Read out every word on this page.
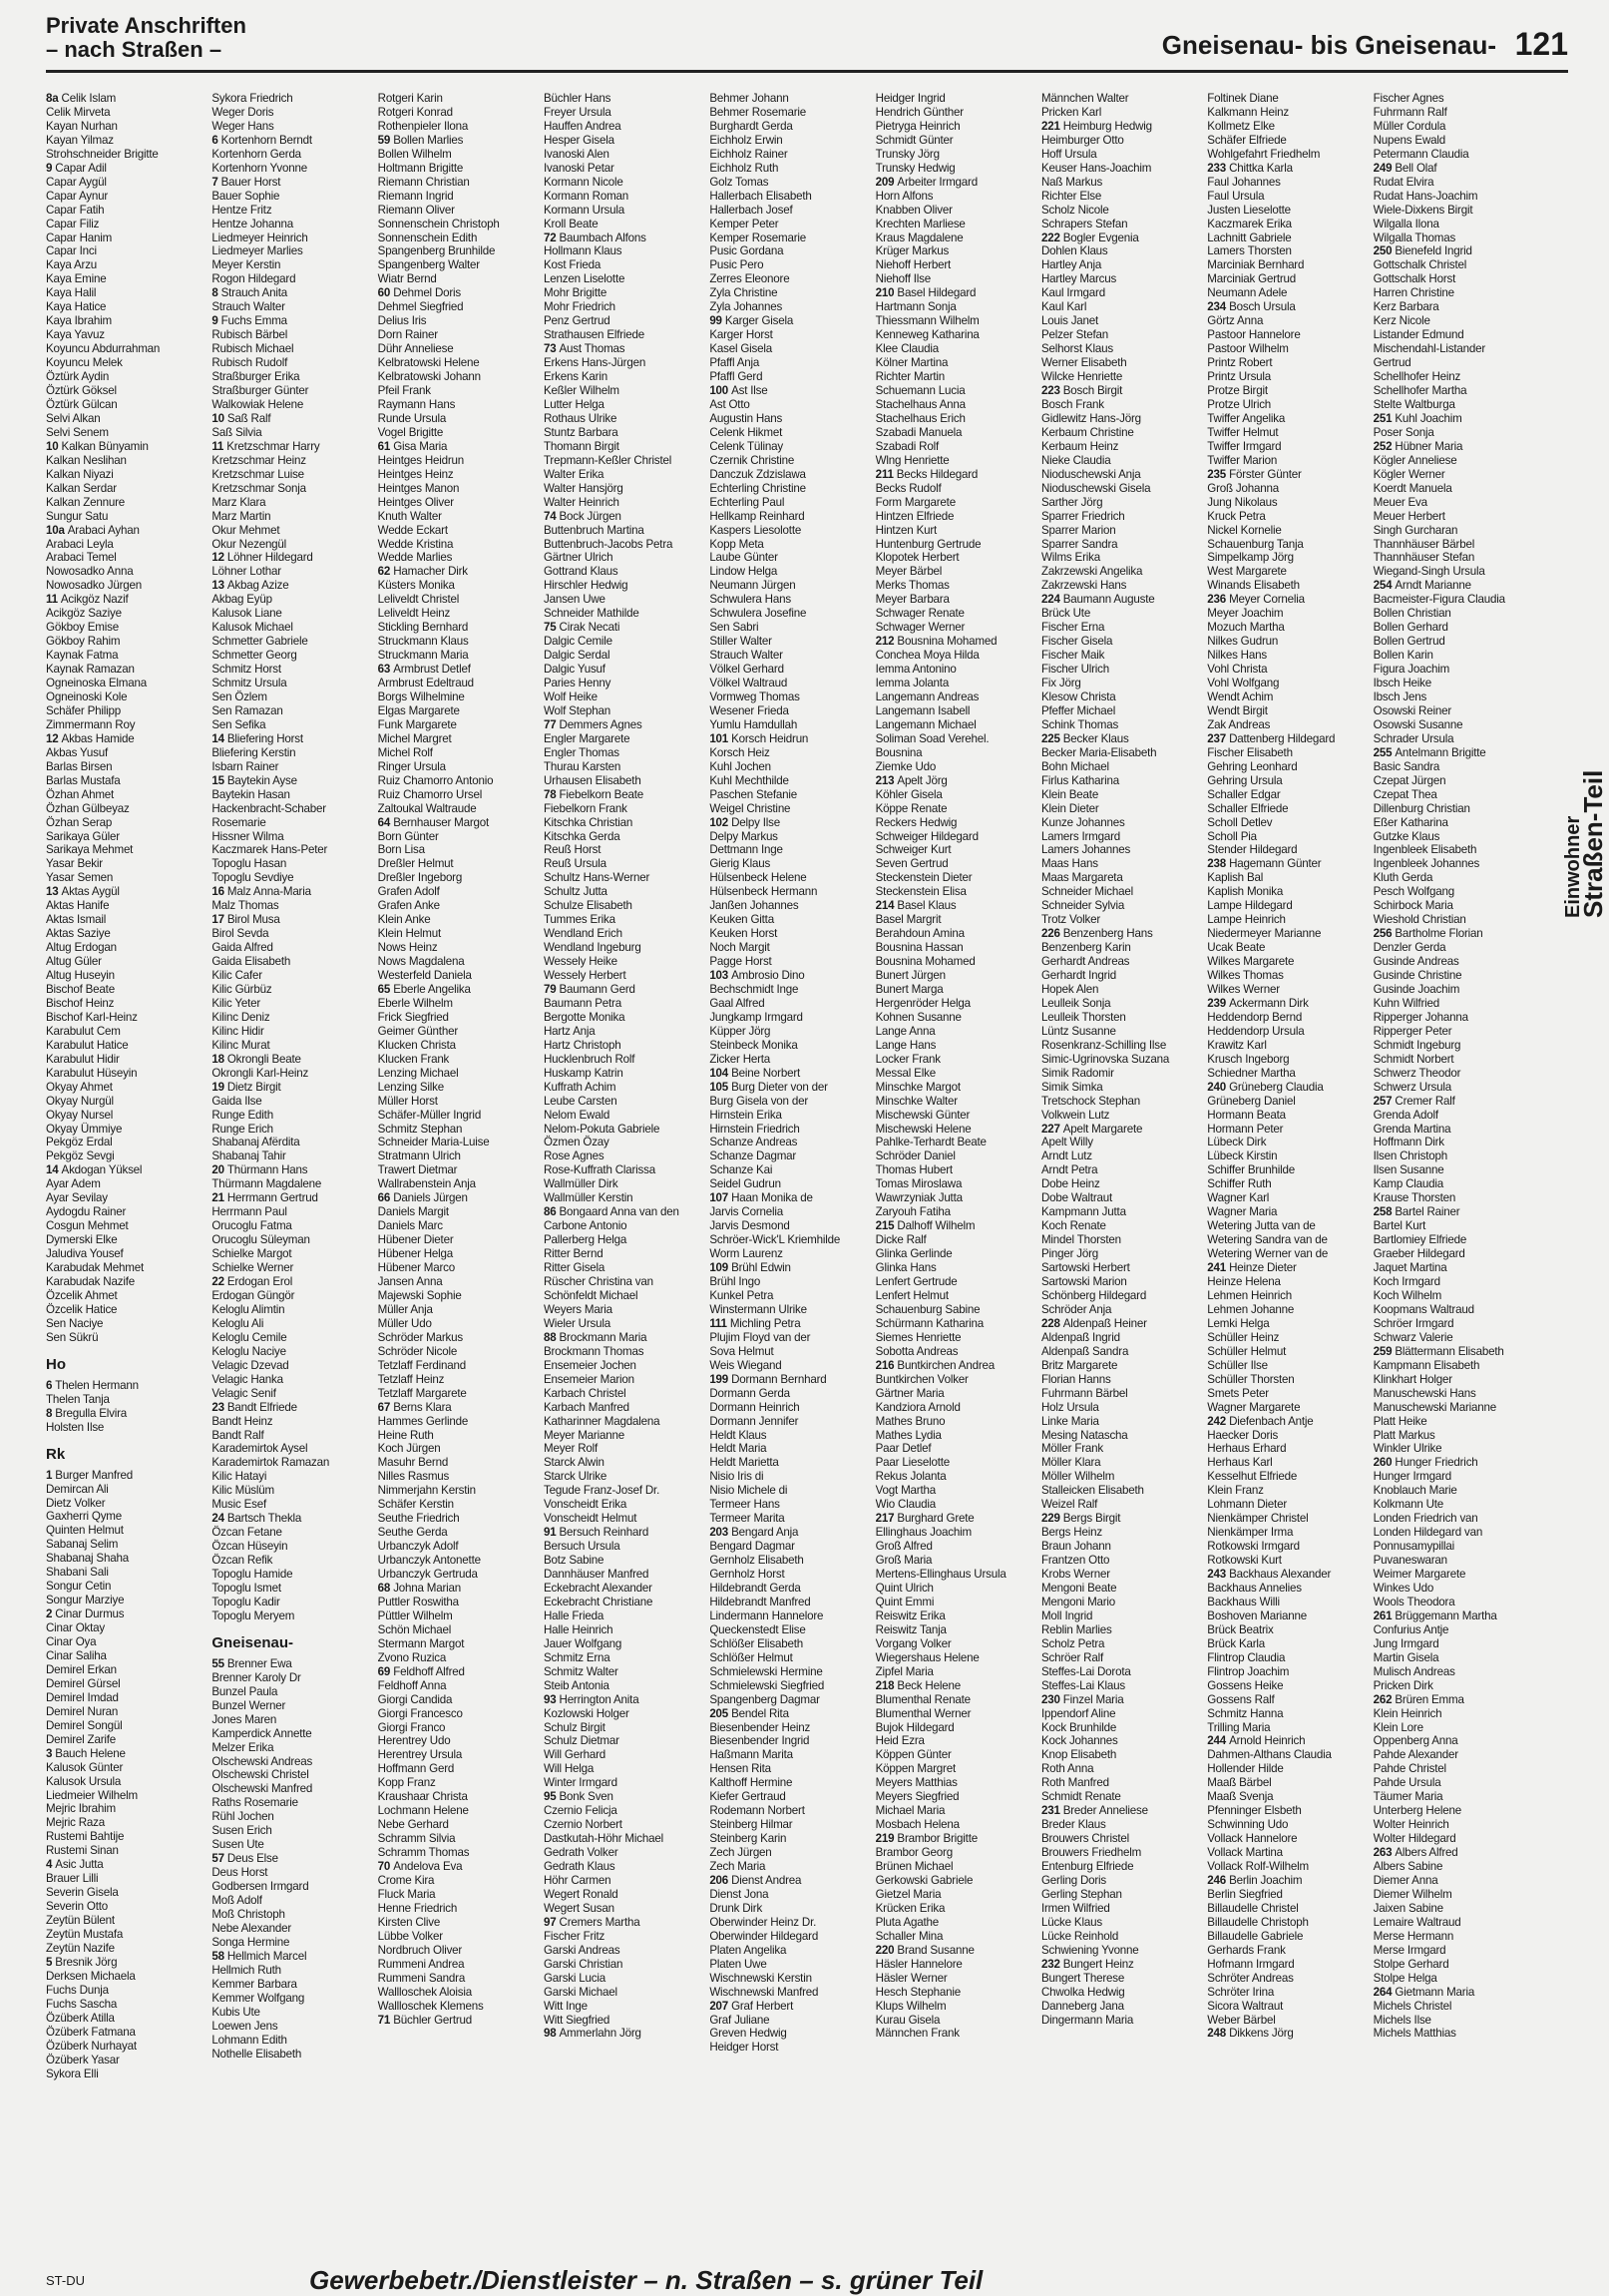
Private Anschriften
– nach Straßen –	Gneisenau- bis Gneisenau- 121
8a Celik Islam
Celik Mirveta
Kayan Nurhan
Kayan Yilmaz
Strohschneider Brigitte
9 Capar Adil
Capar Aygül
Capar Aynur
Capar Fatih
Capar Filiz
Capar Hanim
Capar Inci
Kaya Arzu
Kaya Emine
Kaya Halil
Kaya Hatice
Kaya Ibrahim
Kaya Yavuz
Koyuncu Abdurrahman
Koyuncu Melek
Öztürk Aydin
Öztürk Göksel
Öztürk Gülcan
Selvi Alkan
Selvi Senem
10 Kalkan Bünyamin
Kalkan Neslihan
Kalkan Niyazi
Kalkan Serdar
Kalkan Zennure
Sungur Satu
10a Arabaci Ayhan
Arabaci Leyla
Arabaci Temel
Nowosadko Anna
Nowosadko Jürgen
11 Acikgöz Nazif
Acikgöz Saziye
Gökboy Emise
Gökboy Rahim
Kaynak Fatma
Kaynak Ramazan
Ogneinoska Elmana
Ogneinoski Kole
Schäfer Philipp
Zimmermann Roy
12 Akbas Hamide
Akbas Yusuf
Barlas Birsen
Barlas Mustafa
Özhan Ahmet
Özhan Gülbeyaz
Özhan Serap
Sarikaya Güler
Sarikaya Mehmet
Yasar Bekir
Yasar Semen
13 Aktas Aygül
Aktas Hanife
Aktas Ismail
Aktas Saziye
Altug Erdogan
Altug Güler
Altug Huseyin
Bischof Beate
Bischof Heinz
Bischof Karl-Heinz
Karabulut Cem
Karabulut Hatice
Karabulut Hidir
Karabulut Hüseyin
Okyay Ahmet
Okyay Nurgül
Okyay Nursel
Okyay Ümmiye
Pekgöz Erdal
Pekgöz Sevgi
14 Akdogan Yüksel
Ayar Adem
Ayar Sevilay
Aydogdu Rainer
Cosgun Mehmet
Dymerski Elke
Jaludiva Yousef
Karabudak Mehmet
Karabudak Nazife
Özcelik Ahmet
Özcelik Hatice
Sen Naciye
Sen Sükrü
Ho
6 Thelen Hermann
Thelen Tanja
8 Bregulla Elvira
Holsten Ilse
Rk
1 Burger Manfred
Demircan Ali
Dietz Volker
Gaxherri Qyme
Quinten Helmut
Sabanaj Selim
Shabanaj Shaha
Shabani Sali
Songur Cetin
Songur Marziye
2 Cinar Durmus
Cinar Oktay
Cinar Oya
Cinar Saliha
Demirel Erkan
Demirel Gürsel
Demirel Imdad
Demirel Nuran
Demirel Songül
Demirel Zarife
3 Bauch Helene
Kalusok Günter
Kalusok Ursula
Liedmeier Wilhelm
Mejric Ibrahim
Mejric Raza
Rustemi Bahtije
Rustemi Sinan
4 Asic Jutta
Brauer Lilli
Severin Gisela
Severin Otto
Zeytün Bülent
Zeytün Mustafa
Zeytün Nazife
5 Bresnik Jörg
Derksen Michaela
Fuchs Dunja
Fuchs Sascha
Özüberk Atilla
Özüberk Fatmana
Özüberk Nurhayat
Özüberk Yasar
Sykora Elli
Sykora Friedrich
Weger Doris
Weger Hans
6 Kortenhorn Berndt
Kortenhorn Gerda
Kortenhorn Yvonne
7 Bauer Horst
Bauer Sophie
Hentze Fritz
Hentze Johanna
Liedmeyer Heinrich
Liedmeyer Marlies
Meyer Kerstin
Rogon Hildegard
8 Strauch Anita
Strauch Walter
9 Fuchs Emma
Rubisch Bärbel
Rubisch Michael
Rubisch Rudolf
Straßburger Erika
Straßburger Günter
Walkowiak Helene
10 Saß Ralf
Saß Silvia
11 Kretzschmar Harry
Kretzschmar Heinz
Kretzschmar Luise
Kretzschmar Sonja
Marz Klara
Marz Martin
Okur Mehmet
Okur Nezengül
12 Löhner Hildegard
Löhner Lothar
13 Akbag Azize
Akbag Eyüp
Kalusok Liane
Kalusok Michael
Schmetter Gabriele
Schmetter Georg
Schmitz Horst
Schmitz Ursula
Sen Özlem
Sen Ramazan
Sen Sefika
14 Bliefering Horst
Bliefering Kerstin
Isbarn Rainer
15 Baytekin Ayse
Baytekin Hasan
Hackenbracht-Schaber
Rosemarie
Hissner Wilma
Kaczmarek Hans-Peter
Topoglu Hasan
Topoglu Sevdiye
16 Malz Anna-Maria
Malz Thomas
17 Birol Musa
Birol Sevda
Gaida Alfred
Gaida Elisabeth
Kilic Cafer
Kilic Gürbüz
Kilic Yeter
Kilinc Deniz
Kilinc Hidir
Kilinc Murat
18 Okrongli Beate
Okrongli Karl-Heinz
19 Dietz Birgit
Gaida Ilse
Runge Edith
Runge Erich
Shabanaj Afërdita
Shabanaj Tahir
20 Thürmann Hans
Thürmann Magdalene
21 Herrmann Gertrud
Herrmann Paul
Orucoglu Fatma
Orucoglu Süleyman
Schielke Margot
Schielke Werner
22 Erdogan Erol
Erdogan Güngör
Keloglu Alimtin
Keloglu Ali
Keloglu Cemile
Keloglu Naciye
Velagic Dzevad
Velagic Hanka
Velagic Senif
23 Bandt Elfriede
Bandt Heinz
Bandt Ralf
Karademirtok Aysel
Karademirtok Ramazan
Kilic Hatayi
Kilic Müslüm
Music Esef
24 Bartsch Thekla
Özcan Fetane
Özcan Hüseyin
Özcan Refik
Topoglu Hamide
Topoglu Ismet
Topoglu Kadir
Topoglu Meryem
Gneisenau-
55 Brenner Ewa
Brenner Karoly Dr
Bunzel Paula
Bunzel Werner
Jones Maren
Kamperdick Annette
Melzer Erika
Olschewski Andreas
Olschewski Christel
Olschewski Manfred
Raths Rosemarie
Rühl Jochen
Susen Erich
Susen Ute
57 Deus Else
Deus Horst
Godbersen Irmgard
Moß Adolf
Moß Christoph
Nebe Alexander
Songa Hermine
58 Hellmich Marcel
Hellmich Ruth
Kemmer Barbara
Kemmer Wolfgang
Kubis Ute
Loewen Jens
Lohmann Edith
Nothelle Elisabeth
Rotgeri Karin
Rotgeri Konrad
Rothenpieler Ilona
59 Bollen Marlies
Bollen Wilhelm
Holtmann Brigitte
Riemann Christian
Riemann Ingrid
Riemann Oliver
Sonnenschein Christoph
Sonnenschein Edith
Spangenberg Brunhilde
Spangenberg Walter
Wiatr Bernd
60 Dehmel Doris
Dehmel Siegfried
Delius Iris
Dorn Rainer
Dühr Anneliese
Kelbratowski Helene
Kelbratowski Johann
Pfeil Frank
Raymann Hans
Runde Ursula
Vogel Brigitte
61 Gisa Maria
Heintges Heidrun
Heintges Heinz
Heintges Manon
Heintges Oliver
Knuth Walter
Wedde Eckart
Wedde Kristina
Wedde Marlies
62 Hamacher Dirk
Küsters Monika
Leliveldt Christel
Leliveldt Heinz
Stickling Bernhard
Struckmann Klaus
Struckmann Maria
63 Armbrust Detlef
Armbrust Edeltraud
Borgs Wilhelmine
Elgas Margarete
Funk Margarete
Michel Margret
Michel Rolf
Ringer Ursula
Ruiz Chamorro Antonio
Ruiz Chamorro Ursel
Zaltoukal Waltraude
64 Bernhauser Margot
Born Günter
Born Lisa
Dreßler Helmut
Dreßler Ingeborg
Grafen Adolf
Grafen Anke
Klein Anke
Klein Helmut
Nows Heinz
Nows Magdalena
Westerfeld Daniela
65 Eberle Angelika
Eberle Wilhelm
Frick Siegfried
Geimer Günther
Klucken Christa
Klucken Frank
Lenzing Michael
Lenzing Silke
Müller Horst
Schäfer-Müller Ingrid
Schmitz Stephan
Schneider Maria-Luise
Stratmann Ulrich
Trawert Dietmar
Wallrabenstein Anja
66 Daniels Jürgen
Daniels Margit
Daniels Marc
Hübener Dieter
Hübener Helga
Hübener Marco
Jansen Anna
Majewski Sophie
Müller Anja
Müller Udo
Schröder Markus
Schröder Nicole
Tetzlaff Ferdinand
Tetzlaff Heinz
Tetzlaff Margarete
67 Berns Klara
Hammes Gerlinde
Heine Ruth
Koch Jürgen
Masuhr Bernd
Nilles Rasmus
Nimmerjahn Kerstin
Schäfer Kerstin
Seuthe Friedrich
Seuthe Gerda
Urbanczyk Adolf
Urbanczyk Antonette
Urbanczyk Gertruda
68 Johna Marian
Puttler Roswitha
Püttler Wilhelm
Schön Michael
Stermann Margot
Zvono Ruzica
69 Feldhoff Alfred
Feldhoff Anna
Giorgi Candida
Giorgi Francesco
Giorgi Franco
Herentrey Udo
Herentrey Ursula
Hoffmann Gerd
Kopp Franz
Kraushaar Christa
Lochmann Helene
Nebe Gerhard
Schramm Silvia
Schramm Thomas
70 Andelova Eva
Crome Kira
Fluck Maria
Henne Friedrich
Kirsten Clive
Lübbe Volker
Nordbruch Oliver
Rummeni Andrea
Rummeni Sandra
Wallloschek Aloisia
Wallloschek Klemens
71 Büchler Gertrud
Büchler Hans
Freyer Ursula
Hauffen Andrea
Hesper Gisela
Ivanoski Alen
Ivanoski Petar
Kormann Nicole
Kormann Roman
Kormann Ursula
Kroll Beate
72 Baumbach Alfons
Hollmann Klaus
Kost Frieda
Lenzen Liselotte
Mohr Brigitte
Mohr Friedrich
Penz Gertrud
Strathausen Elfriede
73 Aust Thomas
Erkens Hans-Jürgen
Erkens Karin
Keßler Wilhelm
Lutter Helga
Rothaus Ulrike
Stuntz Barbara
Thomann Birgit
Trepmann-Keßler Christel
Walter Erika
Walter Hansjörg
Walter Heinrich
74 Bock Jürgen
Buttenbruch Martina
Buttenbruch-Jacobs Petra
Gärtner Ulrich
Gottrand Klaus
Hirschler Hedwig
Jansen Uwe
Schneider Mathilde
75 Cirak Necati
Dalgic Cemile
Dalgic Serdal
Dalgic Yusuf
Paries Henny
Wolf Heike
Wolf Stephan
77 Demmers Agnes
Engler Margarete
Engler Thomas
Thurau Karsten
Urhausen Elisabeth
78 Fiebelkorn Beate
Fiebelkorn Frank
Kitschka Christian
Kitschka Gerda
Reuß Horst
Reuß Ursula
Schultz Hans-Werner
Schultz Jutta
Schulze Elisabeth
Tummes Erika
Wendland Erich
Wendland Ingeburg
Wessely Heike
Wessely Herbert
79 Baumann Gerd
Baumann Petra
Bergotte Monika
Hartz Anja
Hartz Christoph
Hucklenbruch Rolf
Huskamp Katrin
Kuffrath Achim
Leube Carsten
Nelom Ewald
Nelom-Pokuta Gabriele
Özmen Özay
Rose Agnes
Rose-Kuffrath Clarissa
Wallmüller Dirk
Wallmüller Kerstin
86 Bongaard Anna van den
Carbone Antonio
Pallerberg Helga
Ritter Bernd
Ritter Gisela
Rüscher Christina van
Schönfeldt Michael
Weyers Maria
Wieler Ursula
88 Brockmann Maria
Brockmann Thomas
Ensemeier Jochen
Ensemeier Marion
Karbach Christel
Karbach Manfred
Katharinner Magdalena
Meyer Marianne
Meyer Rolf
Starck Alwin
Starck Ulrike
Tegude Franz-Josef Dr.
Vonscheidt Erika
Vonscheidt Helmut
91 Bersuch Reinhard
Bersuch Ursula
Botz Sabine
Dannhäuser Manfred
Eckebracht Alexander
Eckebracht Christiane
Halle Frieda
Halle Heinrich
Jauer Wolfgang
Schmitz Erna
Schmitz Walter
Steib Antonia
93 Herrington Anita
Kozlowski Holger
Schulz Birgit
Schulz Dietmar
Will Gerhard
Will Helga
Winter Irmgard
95 Bonk Sven
Czernio Felicja
Czernio Norbert
Dastkutah-Höhr Michael
Gedrath Volker
Gedrath Klaus
Höhr Carmen
Wegert Ronald
Wegert Susan
97 Cremers Martha
Fischer Fritz
Garski Andreas
Garski Christian
Garski Lucia
Garski Michael
Witt Inge
Witt Siegfried
98 Ammerlahn Jörg
Behmer Johann
Behmer Rosemarie
Burghardt Gerda
Eichholz Erwin
Eichholz Rainer
Eichholz Ruth
Golz Tomas
Hallerbach Elisabeth
Hallerbach Josef
Kemper Peter
Kemper Rosemarie
Pusic Gordana
Pusic Pero
Zerres Eleonore
Zyla Christine
Zyla Johannes
99 Karger Gisela
Karger Horst
Kasel Gisela
Pfaffl Anja
Pfaffl Gerd
100 Ast Ilse
Ast Otto
Augustin Hans
Celenk Hikmet
Celenk Tülinay
Czernik Christine
Danczuk Zdzislawa
Echterling Christine
Echterling Paul
Hellkamp Reinhard
Kaspers Liesolotte
Kopp Meta
Laube Günter
Lindow Helga
Neumann Jürgen
Schwulera Hans
Schwulera Josefine
Sen Sabri
Stiller Walter
Strauch Walter
Völkel Gerhard
Völkel Waltraud
Vormweg Thomas
Wesener Frieda
Yumlu Hamdullah
101 Korsch Heidrun
Korsch Heiz
Kuhl Jochen
Kuhl Mechthilde
Paschen Stefanie
Weigel Christine
102 Delpy Ilse
Delpy Markus
Dettmann Inge
Gierig Klaus
Hülsenbeck Helene
Hülsenbeck Hermann
Janßen Johannes
Keuken Gitta
Keuken Horst
Noch Margit
Pagge Horst
103 Ambrosio Dino
Bechschmidt Inge
Gaal Alfred
Jungkamp Irmgard
Küpper Jörg
Steinbeck Monika
Zicker Herta
104 Beine Norbert
105 Burg Dieter von der
Burg Gisela von der
Hirnstein Erika
Hirnstein Friedrich
Schanze Andreas
Schanze Dagmar
Schanze Kai
Seidel Gudrun
107 Haan Monika de
Jarvis Cornelia
Jarvis Desmond
Schröer-Wick'L Kriemhilde
Worm Laurenz
109 Brühl Edwin
Brühl Ingo
Kunkel Petra
Winstermann Ulrike
111 Michling Petra
Plujim Floyd van der
Sova Helmut
Weis Wiegand
199 Dormann Bernhard
Dormann Gerda
Dormann Heinrich
Dormann Jennifer
Heldt Klaus
Heldt Maria
Heldt Marietta
Nisio Iris di
Nisio Michele di
Termeer Hans
Termeer Marita
203 Bengard Anja
Bengard Dagmar
Gernholz Elisabeth
Gernholz Horst
Hildebrandt Gerda
Hildebrandt Manfred
Lindermann Hannelore
Queckenstedt Elise
Schlößer Elisabeth
Schlößer Helmut
Schmielewski Hermine
Schmielewski Siegfried
Spangenberg Dagmar
205 Bendel Rita
Biesenbender Heinz
Biesenbender Ingrid
Haßmann Marita
Hensen Rita
Kalthoff Hermine
Kiefer Gertraud
Rodemann Norbert
Steinberg Hilmar
Steinberg Karin
Zech Jürgen
Zech Maria
206 Dienst Andrea
Dienst Jona
Drunk Dirk
Oberwinder Heinz Dr.
Oberwinder Hildegard
Platen Angelika
Platen Uwe
Wischnewski Kerstin
Wischnewski Manfred
207 Graf Herbert
Graf Juliane
Greven Hedwig
Heidger Horst
Heidger Ingrid
Hendrich Günther
Pietryga Heinrich
Schmidt Günter
Trunsky Jörg
Trunsky Hedwig
209 Arbeiter Irmgard
Horn Alfons
Knabben Oliver
Krechten Marliese
Kraus Magdalene
Krüger Markus
Niehoff Herbert
Niehoff Ilse
210 Basel Hildegard
Hartmann Sonja
Thiessmann Wilhelm
Kenneweg Katharina
Klee Claudia
Kölner Martina
Richter Martin
Schuemann Lucia
Stachelhaus Anna
Stachelhaus Erich
Szabadi Manuela
Szabadi Rolf
Wlng Henriette
211 Becks Hildegard
Becks Rudolf
Form Margarete
Hintzen Elfriede
Hintzen Kurt
Huntenburg Gertrude
Klopotek Herbert
Meyer Bärbel
Merks Thomas
Meyer Barbara
Schwager Renate
Schwager Werner
212 Bousnina Mohamed
Conchea Moya Hilda
Iemma Antonino
Iemma Jolanta
Langemann Andreas
Langemann Isabell
Langemann Michael
Soliman Soad Verehel.
Bousnina
Ziemke Udo
213 Apelt Jörg
Köhler Gisela
Köppe Renate
Reckers Hedwig
Schweiger Hildegard
Schweiger Kurt
Seven Gertrud
Steckenstein Dieter
Steckenstein Elisa
214 Basel Klaus
Basel Margrit
Berahdoun Amina
Bousnina Hassan
Bousnina Mohamed
Bunert Jürgen
Bunert Marga
Hergenröder Helga
Kohnen Susanne
Lange Anna
Lange Hans
Locker Frank
Messal Elke
Minschke Margot
Minschke Walter
Mischewski Günter
Mischewski Helene
Pahlke-Terhardt Beate
Schröder Daniel
Thomas Hubert
Tomas Miroslawa
Wawrzyniak Jutta
Zaryouh Fatiha
215 Dalhoff Wilhelm
Dicke Ralf
Glinka Gerlinde
Glinka Hans
Lenfert Gertrude
Lenfert Helmut
Schauenburg Sabine
Schürmann Katharina
Siemes Henriette
Sobotta Andreas
216 Buntkirchen Andrea
Buntkirchen Volker
Gärtner Maria
Kandziora Arnold
Mathes Bruno
Mathes Lydia
Paar Detlef
Paar Lieselotte
Rekus Jolanta
Vogt Martha
Wio Claudia
217 Burghard Grete
Ellinghaus Joachim
Groß Alfred
Groß Maria
Mertens-Ellinghaus Ursula
Quint Ulrich
Quint Emmi
Reiswitz Erika
Reiswitz Tanja
Vorgang Volker
Wiegershaus Helene
Zipfel Maria
218 Beck Helene
Blumenthal Renate
Blumenthal Werner
Bujok Hildegard
Heid Ezra
Köppen Günter
Köppen Margret
Meyers Matthias
Meyers Siegfried
Michael Maria
Mosbach Helena
219 Brambor Brigitte
Brambor Georg
Brünen Michael
Gerkowski Gabriele
Gietzel Maria
Krücken Erika
Pluta Agathe
Schaller Mina
220 Brand Susanne
Häsler Hannelore
Häsler Werner
Hesch Stephanie
Klups Wilhelm
Kurau Gisela
Männchen Frank
Männchen Walter
Pricken Karl
221 Heimburg Hedwig
Heimburger Otto
Hoff Ursula
Keuser Hans-Joachim
Naß Markus
Richter Else
Scholz Nicole
Schrapers Stefan
222 Bogler Evgenia
Dohlen Klaus
Hartley Anja
Hartley Marcus
Kaul Irmgard
Kaul Karl
Louis Janet
Pelzer Stefan
Selhorst Klaus
Werner Elisabeth
Wilcke Henriette
223 Bosch Birgit
Bosch Frank
Gidlewitz Hans-Jörg
Kerbaum Christine
Kerbaum Heinz
Nieke Claudia
Nioduschewski Anja
Nioduschewski Gisela
Sarther Jörg
Sparrer Friedrich
Sparrer Marion
Sparrer Sandra
Wilms Erika
Zakrzewski Angelika
Zakrzewski Hans
224 Baumann Auguste
Brück Ute
Fischer Erna
Fischer Gisela
Fischer Maik
Fischer Ulrich
Fix Jörg
Klesow Christa
Pfeffer Michael
Schink Thomas
225 Becker Klaus
Becker Maria-Elisabeth
Bohn Michael
Firlus Katharina
Klein Beate
Klein Dieter
Kunze Johannes
Lamers Irmgard
Lamers Johannes
Maas Hans
Maas Margareta
Schneider Michael
Schneider Sylvia
Trotz Volker
226 Benzenberg Hans
Benzenberg Karin
Gerhardt Andreas
Gerhardt Ingrid
Hopek Alen
Leulleik Sonja
Leulleik Thorsten
Lüntz Susanne
Rosenkranz-Schilling Ilse
Simic-Ugrinovska Suzana
Simik Radomir
Simik Simka
Tretschock Stephan
Volkwein Lutz
227 Apelt Margarete
Apelt Willy
Arndt Lutz
Arndt Petra
Dobe Heinz
Dobe Waltraut
Kampmann Jutta
Koch Renate
Mindel Thorsten
Pinger Jörg
Sartowski Herbert
Sartowski Marion
Schönberg Hildegard
Schröder Anja
228 Aldenpaß Heiner
Aldenpaß Ingrid
Aldenpaß Sandra
Britz Margarete
Florian Hanns
Fuhrmann Bärbel
Holz Ursula
Linke Maria
Mesing Natascha
Möller Frank
Möller Klara
Möller Wilhelm
Stalleicken Elisabeth
Weizel Ralf
229 Bergs Birgit
Bergs Heinz
Braun Johann
Frantzen Otto
Krobs Werner
Mengoni Beate
Mengoni Mario
Moll Ingrid
Reblin Marlies
Scholz Petra
Schröer Ralf
Steffes-Lai Dorota
Steffes-Lai Klaus
230 Finzel Maria
Ippendorf Aline
Kock Brunhilde
Kock Johannes
Knop Elisabeth
Roth Anna
Roth Manfred
Schmidt Renate
231 Breder Anneliese
Breder Klaus
Brouwers Christel
Brouwers Friedhelm
Entenburg Elfriede
Gerling Doris
Gerling Stephan
Irmen Wilfried
Lücke Klaus
Lücke Reinhold
Schwiening Yvonne
232 Bungert Heinz
Bungert Therese
Chwolka Hedwig
Danneberg Jana
Dingermann Maria
Foltinek Diane
Kalkmann Heinz
Kollmetz Elke
Schäfer Elfriede
Wohlgefahrt Friedhelm
233 Chittka Karla
Faul Johannes
Faul Ursula
Justen Lieselotte
Kaczmarek Erika
Lachnitt Gabriele
Lamers Thorsten
Marciniak Bernhard
Marciniak Gertrud
Neumann Adele
234 Bosch Ursula
Görtz Anna
Pastoor Hannelore
Pastoor Wilhelm
Printz Robert
Printz Ursula
Protze Birgit
Protze Ulrich
Twiffer Angelika
Twiffer Helmut
Twiffer Irmgard
Twiffer Marion
235 Förster Günter
Groß Johanna
Jung Nikolaus
Kruck Petra
Nickel Kornelie
Schauenburg Tanja
Simpelkamp Jörg
West Margarete
Winands Elisabeth
236 Meyer Cornelia
Meyer Joachim
Mozuch Martha
Nilkes Gudrun
Nilkes Hans
Vohl Christa
Vohl Wolfgang
Wendt Achim
Wendt Birgit
Zak Andreas
237 Dattenberg Hildegard
Fischer Elisabeth
Gehring Leonhard
Gehring Ursula
Schaller Edgar
Schaller Elfriede
Scholl Detlev
Scholl Pia
Stender Hildegard
238 Hagemann Günter
Kaplish Bal
Kaplish Monika
Lampe Hildegard
Lampe Heinrich
Niedermeyer Marianne
Ucak Beate
Wilkes Margarete
Wilkes Thomas
Wilkes Werner
239 Ackermann Dirk
Heddendorp Bernd
Heddendorp Ursula
Krawitz Karl
Krusch Ingeborg
Schiedner Martha
240 Grüneberg Claudia
Grüneberg Daniel
Hormann Beata
Hormann Peter
Lübeck Dirk
Lübeck Kirstin
Schiffer Brunhilde
Schiffer Ruth
Wagner Karl
Wagner Maria
Wetering Jutta van de
Wetering Sandra van de
Wetering Werner van de
241 Heinze Dieter
Heinze Helena
Lehmen Heinrich
Lehmen Johanne
Lemki Helga
Schüller Heinz
Schüller Helmut
Schüller Ilse
Schüller Thorsten
Smets Peter
Wagner Margarete
242 Diefenbach Antje
Haecker Doris
Herhaus Erhard
Herhaus Karl
Kesselhut Elfriede
Klein Franz
Lohmann Dieter
Nienkämper Christel
Nienkämper Irma
Rotkowski Irmgard
Rotkowski Kurt
243 Backhaus Alexander
Backhaus Annelies
Backhaus Willi
Boshoven Marianne
Brück Beatrix
Brück Karla
Flintrop Claudia
Flintrop Joachim
Gossens Heike
Gossens Ralf
Schmitz Hanna
Trilling Maria
244 Arnold Heinrich
Dahmen-Althans Claudia
Hollender Hilde
Maaß Bärbel
Maaß Svenja
Pfenninger Elsbeth
Schwinning Udo
Vollack Hannelore
Vollack Martina
Vollack Rolf-Wilhelm
246 Berlin Joachim
Berlin Siegfried
Billaudelle Christel
Billaudelle Christoph
Billaudelle Gabriele
Gerhards Frank
Hofmann Irmgard
Schröter Andreas
Schröter Irina
Sicora Waltraut
Weber Bärbel
248 Dikkens Jörg
Fischer Agnes
Fuhrmann Ralf
Müller Cordula
Nupens Ewald
Petermann Claudia
249 Bell Olaf
Rudat Elvira
Rudat Hans-Joachim
Wiele-Dixkens Birgit
Wilgalla Ilona
Wilgalla Thomas
250 Bienefeld Ingrid
Gottschalk Christel
Gottschalk Horst
Harren Christine
Kerz Barbara
Kerz Nicole
Listander Edmund
Mischendahl-Listander
Gertrud
Schellhofer Heinz
Schellhofer Martha
Stelte Waltburga
251 Kuhl Joachim
Poser Sonja
252 Hübner Maria
Kögler Anneliese
Kögler Werner
Koerdt Manuela
Meuer Eva
Meuer Herbert
Singh Gurcharan
Thannhäuser Bärbel
Thannhäuser Stefan
Wiegand-Singh Ursula
254 Arndt Marianne
Bacmeister-Figura Claudia
Bollen Christian
Bollen Gerhard
Bollen Gertrud
Bollen Karin
Figura Joachim
Ibsch Heike
Ibsch Jens
Osowski Reiner
Osowski Susanne
Schrader Ursula
255 Antelmann Brigitte
Basic Sandra
Czepat Jürgen
Czepat Thea
Dillenburg Christian
Eßer Katharina
Gutzke Klaus
Ingenbleek Elisabeth
Ingenbleek Johannes
Kluth Gerda
Pesch Wolfgang
Schirbock Maria
Wieshold Christian
256 Bartholme Florian
Denzler Gerda
Gusinde Andreas
Gusinde Christine
Gusinde Joachim
Kuhn Wilfried
Ripperger Johanna
Ripperger Peter
Schmidt Ingeburg
Schmidt Norbert
Schwerz Theodor
Schwerz Ursula
257 Cremer Ralf
Grenda Adolf
Grenda Martina
Hoffmann Dirk
Ilsen Christoph
Ilsen Susanne
Kamp Claudia
Krause Thorsten
258 Bartel Rainer
Bartel Kurt
Bartlomiey Elfriede
Graeber Hildegard
Jaquet Martina
Koch Irmgard
Koch Wilhelm
Koopmans Waltraud
Schröer Irmgard
Schwarz Valerie
259 Blättermann Elisabeth
Kampmann Elisabeth
Klinkhart Holger
Manuschewski Hans
Manuschewski Marianne
Platt Heike
Platt Markus
Winkler Ulrike
260 Hunger Friedrich
Hunger Irmgard
Knoblauch Marie
Kolkmann Ute
Londen Friedrich van
Londen Hildegard van
Ponnusamypillai
Puvaneswaran
Weimer Margarete
Winkes Udo
Wools Theodora
261 Brüggemann Martha
Confurius Antje
Jung Irmgard
Martin Gisela
Mulisch Andreas
Pricken Dirk
262 Brüren Emma
Klein Heinrich
Klein Lore
Oppenberg Anna
Pahde Alexander
Pahde Christel
Pahde Ursula
Täumer Maria
Unterberg Helene
Wolter Heinrich
Wolter Hildegard
263 Albers Alfred
Albers Sabine
Diemer Anna
Diemer Wilhelm
Jaixen Sabine
Lemaire Waltraud
Merse Hermann
Merse Irmgard
Stolpe Gerhard
Stolpe Helga
264 Gietmann Maria
Michels Christel
Michels Ilse
Michels Matthias
Einwohner
Straßen-Teil
ST-DU	Gewerbebetr./Dienstleister – n. Straßen – s. grüner Teil
